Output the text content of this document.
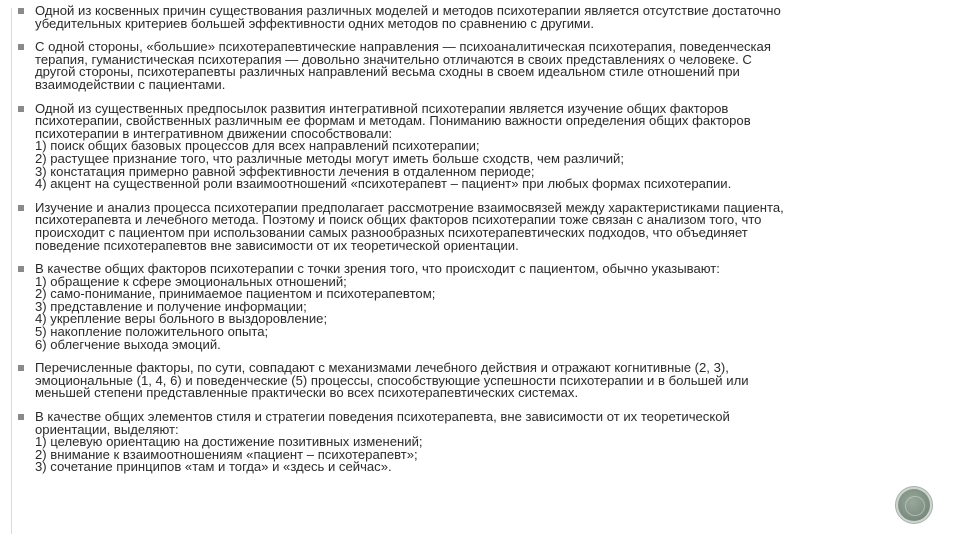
Одной из косвенных причин существования различных моделей и методов психотерапии является отсутствие достаточно
убедительных критериев большей эффективности одних методов по сравнению с другими.
С одной стороны, «большие» психотерапевтические направления — психоаналитическая психотерапия, поведенческая
терапия, гуманистическая психотерапия — довольно значительно отличаются в своих представлениях о человеке. С
другой стороны, психотерапевты различных направлений весьма сходны в своем идеальном стиле отношений при
взаимодействии с пациентами.
Одной из существенных предпосылок развития интегративной психотерапии является изучение общих факторов
психотерапии, свойственных различным ее формам и методам. Пониманию важности определения общих факторов
психотерапии в интегративном движении способствовали:
1) поиск общих базовых процессов для всех направлений психотерапии;
2) растущее признание того, что различные методы могут иметь больше сходств, чем различий;
3) констатация примерно равной эффективности лечения в отдаленном периоде;
4) акцент на существенной роли взаимоотношений «психотерапевт – пациент» при любых формах психотерапии.
Изучение и анализ процесса психотерапии предполагает рассмотрение взаимосвязей между характеристиками пациента,
психотерапевта и лечебного метода. Поэтому и поиск общих факторов психотерапии тоже связан с анализом того, что
происходит с пациентом при использовании самых разнообразных психотерапевтических подходов, что объединяет
поведение психотерапевтов вне зависимости от их теоретической ориентации.
В качестве общих факторов психотерапии с точки зрения того, что происходит с пациентом, обычно указывают:
1) обращение к сфере эмоциональных отношений;
2) само-понимание, принимаемое пациентом и психотерапевтом;
3) представление и получение информации;
4) укрепление веры больного в выздоровление;
5) накопление положительного опыта;
6) облегчение выхода эмоций.
Перечисленные факторы, по сути, совпадают с механизмами лечебного действия и отражают когнитивные (2, 3),
эмоциональные (1, 4, 6) и поведенческие (5) процессы, способствующие успешности психотерапии и в большей или
меньшей степени представленные практически во всех психотерапевтических системах.
В качестве общих элементов стиля и стратегии поведения психотерапевта, вне зависимости от их теоретической
ориентации, выделяют:
1) целевую ориентацию на достижение позитивных изменений;
2) внимание к взаимоотношениям «пациент – психотерапевт»;
3) сочетание принципов «там и тогда» и «здесь и сейчас».
